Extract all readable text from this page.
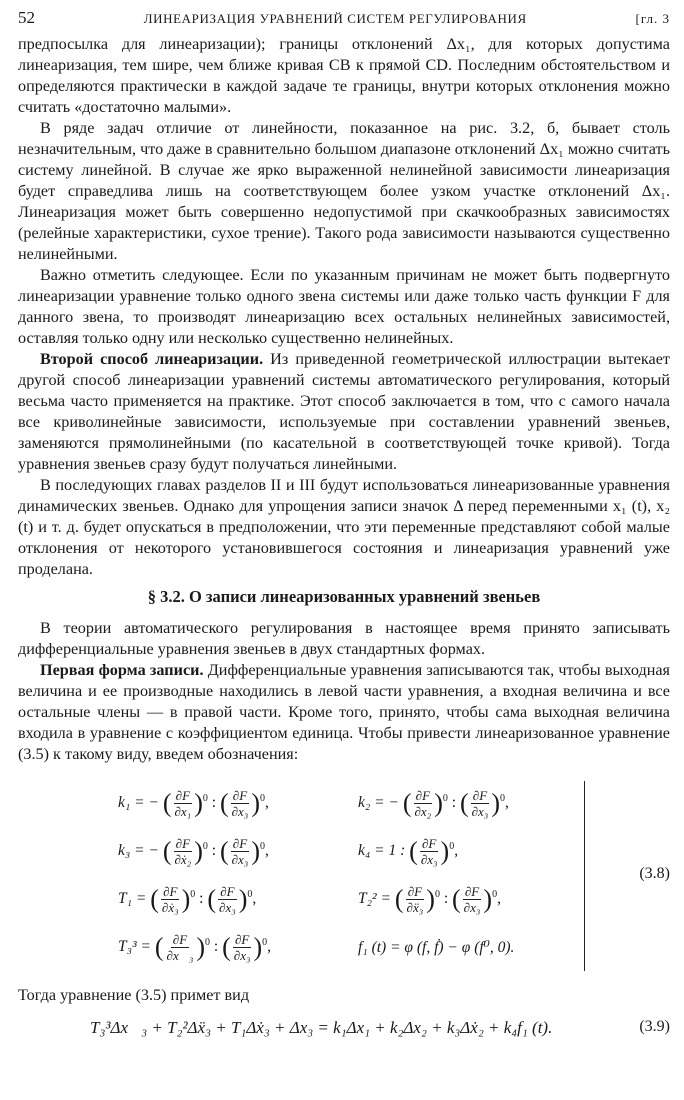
52	ЛИНЕАРИЗАЦИЯ УРАВНЕНИЙ СИСТЕМ РЕГУЛИРОВАНИЯ	[гл. 3

предпосылка для линеаризации); границы отклонений Δx₁, для которых допустима линеаризация, тем шире, чем ближе кривая CB к прямой CD. Последним обстоятельством и определяются практически в каждой задаче те границы, внутри которых отклонения можно считать «достаточно малыми».

В ряде задач отличие от линейности, показанное на рис. 3.2, б, бывает столь незначительным, что даже в сравнительно большом диапазоне отклонений Δx₁ можно считать систему линейной. В случае же ярко выраженной нелинейной зависимости линеаризация будет справедлива лишь на соответствующем более узком участке отклонений Δx₁. Линеаризация может быть совершенно недопустимой при скачкообразных зависимостях (релейные характеристики, сухое трение). Такого рода зависимости называются существенно нелинейными.

Важно отметить следующее. Если по указанным причинам не может быть подвергнуто линеаризации уравнение только одного звена системы или даже только часть функции F для данного звена, то производят линеаризацию всех остальных нелинейных зависимостей, оставляя только одну или несколько существенно нелинейных.

Второй способ линеаризации. Из приведенной геометрической иллюстрации вытекает другой способ линеаризации уравнений системы автоматического регулирования, который весьма часто применяется на практике. Этот способ заключается в том, что с самого начала все криволинейные зависимости, используемые при составлении уравнений звеньев, заменяются прямолинейными (по касательной в соответствующей точке кривой). Тогда уравнения звеньев сразу будут получаться линейными.

В последующих главах разделов II и III будут использоваться линеаризованные уравнения динамических звеньев. Однако для упрощения записи значок Δ перед переменными x₁ (t), x₂ (t) и т. д. будет опускаться в предположении, что эти переменные представляют собой малые отклонения от некоторого установившегося состояния и линеаризация уравнений уже проделана.

§ 3.2. О записи линеаризованных уравнений звеньев

В теории автоматического регулирования в настоящее время принято записывать дифференциальные уравнения звеньев в двух стандартных формах.

Первая форма записи. Дифференциальные уравнения записываются так, чтобы выходная величина и ее производные находились в левой части уравнения, а входная величина и все остальные члены — в правой части. Кроме того, принято, чтобы сама выходная величина входила в уравнение с коэффициентом единица. Чтобы привести линеаризованное уравнение (3.5) к такому виду, введем обозначения:

k₁ = − ( $\frac{\partial F}{\text{∂x₁}} )^0$ : ( $\frac{\partial F}{\text{∂x₃}} )^0$,	k₂ = − ( $\frac{\partial F}{\text{∂x₂}} )^0$ : ( $\frac{\partial F}{\text{∂x₃}} )^0$,
k₃ = − ( $\frac{\partial F}{\text{∂ẋ₂}} )^0$ : ( $\frac{\partial F}{\text{∂x₃}} )^0$,	k₄ = 1 : ( $\frac{\partial F}{\text{∂x₃}} )^0$,
T₁ = ( $\frac{\partial F}{\text{∂ẋ₃}} )^0$ : ( $\frac{\partial F}{\text{∂x₃}} )^0$,	T₂² = ( $\frac{\partial F}{\text{∂ẍ₃}} )^0$ : ( $\frac{\partial F}{\text{∂x₃}} )^0$,
T₃³ = ( $\frac{\partial F}{\text{∂x⃛₃}} )^0$ : ( $\frac{\partial F}{\text{∂x₃}} )^0$,	f₁ (t) = φ (f, ḟ) − φ (f⁰, 0).
(3.8)

Тогда уравнение (3.5) примет вид

T₃³Δx⃛₃ + T₂²Δẍ₃ + T₁Δẋ₃ + Δx₃ = k₁Δx₁ + k₂Δx₂ + k₃Δẋ₂ + k₄f₁ (t).	(3.9)
